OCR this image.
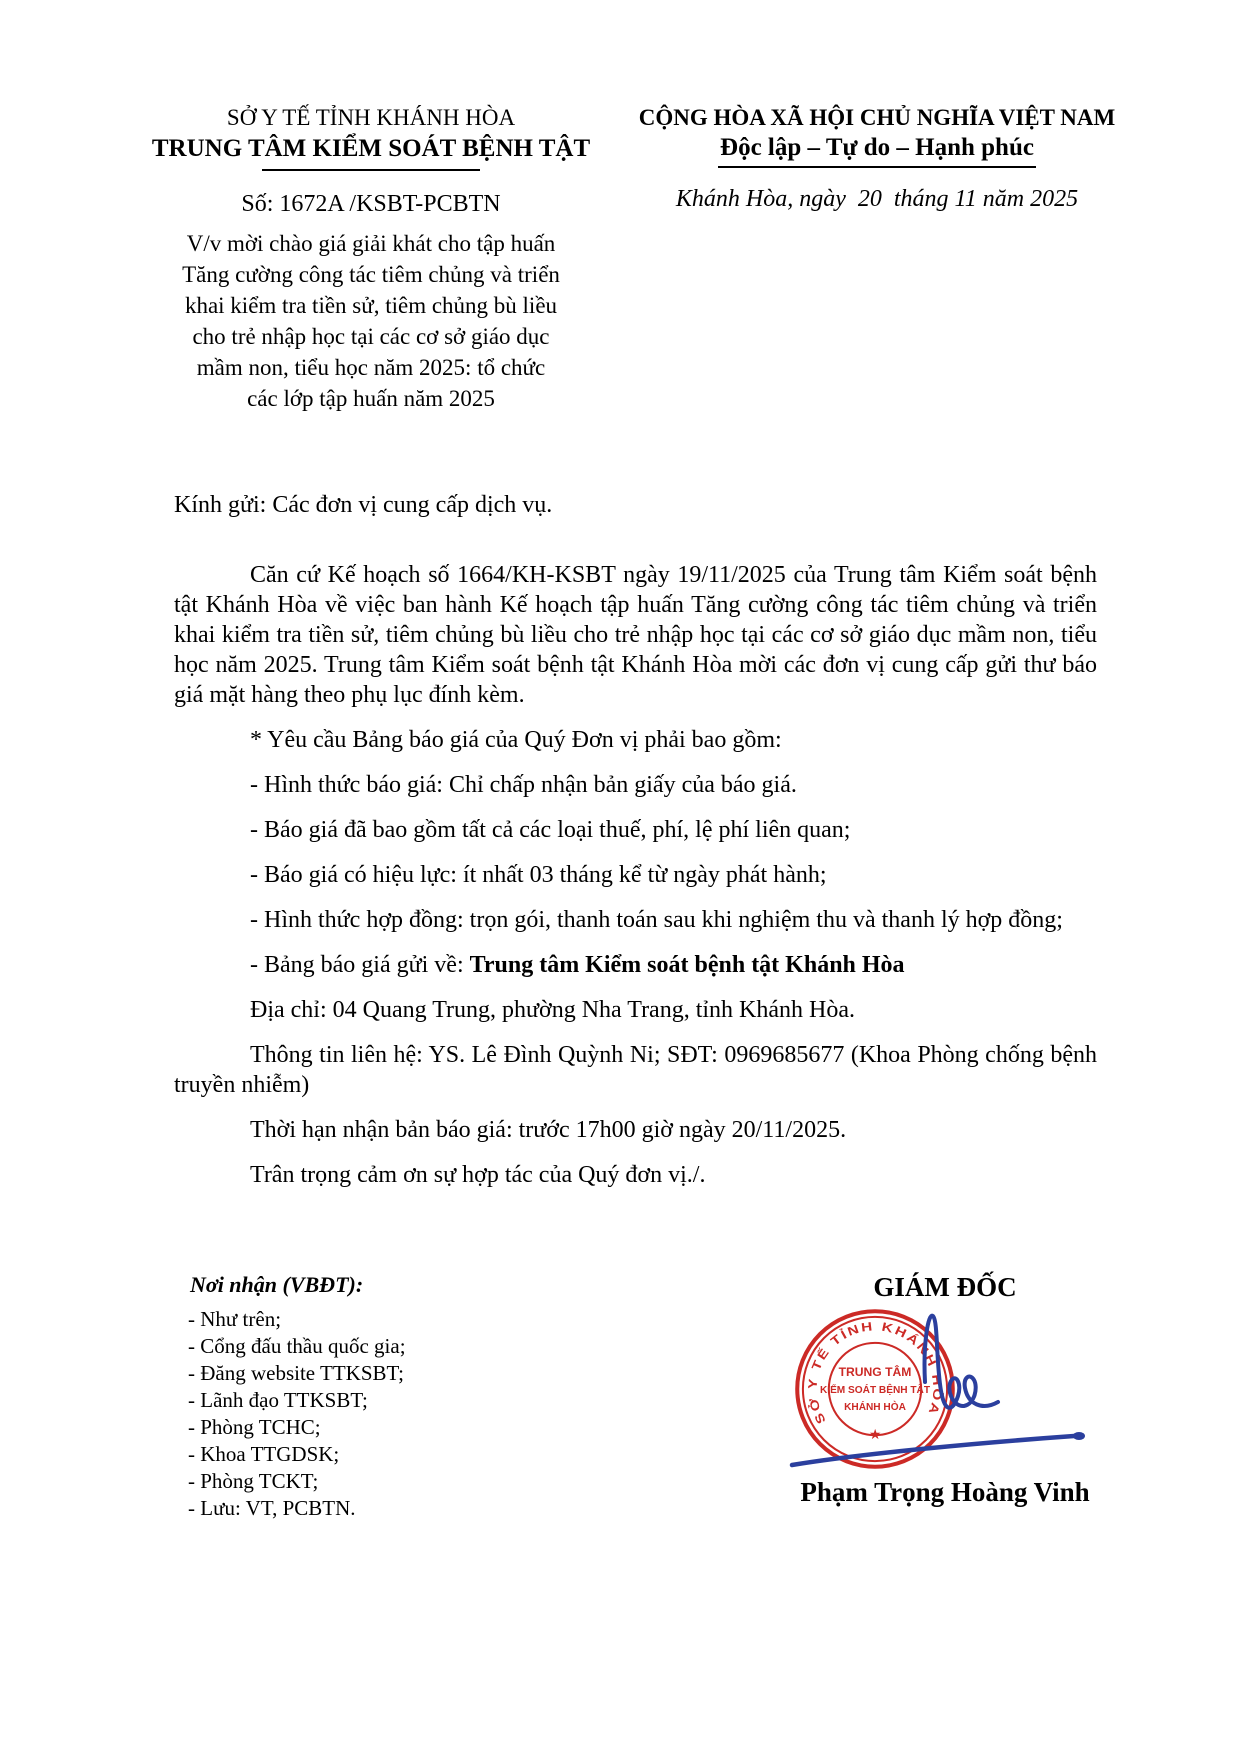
SỞ Y TẾ TỈNH KHÁNH HÒA
TRUNG TÂM KIỂM SOÁT BỆNH TẬT
Số: 1672A /KSBT-PCBTN
V/v mời chào giá giải khát cho tập huấn
Tăng cường công tác tiêm chủng và triển
khai kiểm tra tiền sử, tiêm chủng bù liều
cho trẻ nhập học tại các cơ sở giáo dục
mầm non, tiểu học năm 2025: tổ chức
các lớp tập huấn năm 2025
CỘNG HÒA XÃ HỘI CHỦ NGHĨA VIỆT NAM
Độc lập – Tự do – Hạnh phúc
Khánh Hòa, ngày  20  tháng 11 năm 2025

Kính gửi: Các đơn vị cung cấp dịch vụ.

Căn cứ Kế hoạch số 1664/KH-KSBT ngày 19/11/2025 của Trung tâm Kiểm soát bệnh tật Khánh Hòa về việc ban hành Kế hoạch tập huấn Tăng cường công tác tiêm chủng và triển khai kiểm tra tiền sử, tiêm chủng bù liều cho trẻ nhập học tại các cơ sở giáo dục mầm non, tiểu học năm 2025. Trung tâm Kiểm soát bệnh tật Khánh Hòa mời các đơn vị cung cấp gửi thư báo giá mặt hàng theo phụ lục đính kèm.

* Yêu cầu Bảng báo giá của Quý Đơn vị phải bao gồm:

- Hình thức báo giá: Chỉ chấp nhận bản giấy của báo giá.

- Báo giá đã bao gồm tất cả các loại thuế, phí, lệ phí liên quan;

- Báo giá có hiệu lực: ít nhất 03 tháng kể từ ngày phát hành;

- Hình thức hợp đồng: trọn gói, thanh toán sau khi nghiệm thu và thanh lý hợp đồng;

- Bảng báo giá gửi về: Trung tâm Kiểm soát bệnh tật Khánh Hòa

Địa chỉ: 04 Quang Trung, phường Nha Trang, tỉnh Khánh Hòa.

Thông tin liên hệ: YS. Lê Đình Quỳnh Ni; SĐT: 0969685677 (Khoa Phòng chống bệnh truyền nhiễm)

Thời hạn nhận bản báo giá: trước 17h00 giờ ngày 20/11/2025.

Trân trọng cảm ơn sự hợp tác của Quý đơn vị./.

Nơi nhận (VBĐT):
- Như trên;
- Cổng đấu thầu quốc gia;
- Đăng website TTKSBT;
- Lãnh đạo TTKSBT;
- Phòng TCHC;
- Khoa TTGDSK;
- Phòng TCKT;
- Lưu: VT, PCBTN.
GIÁM ĐỐC
SỞ Y TẾ TỈNH KHÁNH HÒA
TRUNG TÂM
KIỂM SOÁT BỆNH TẬT
KHÁNH HÒA
★
Phạm Trọng Hoàng Vinh
